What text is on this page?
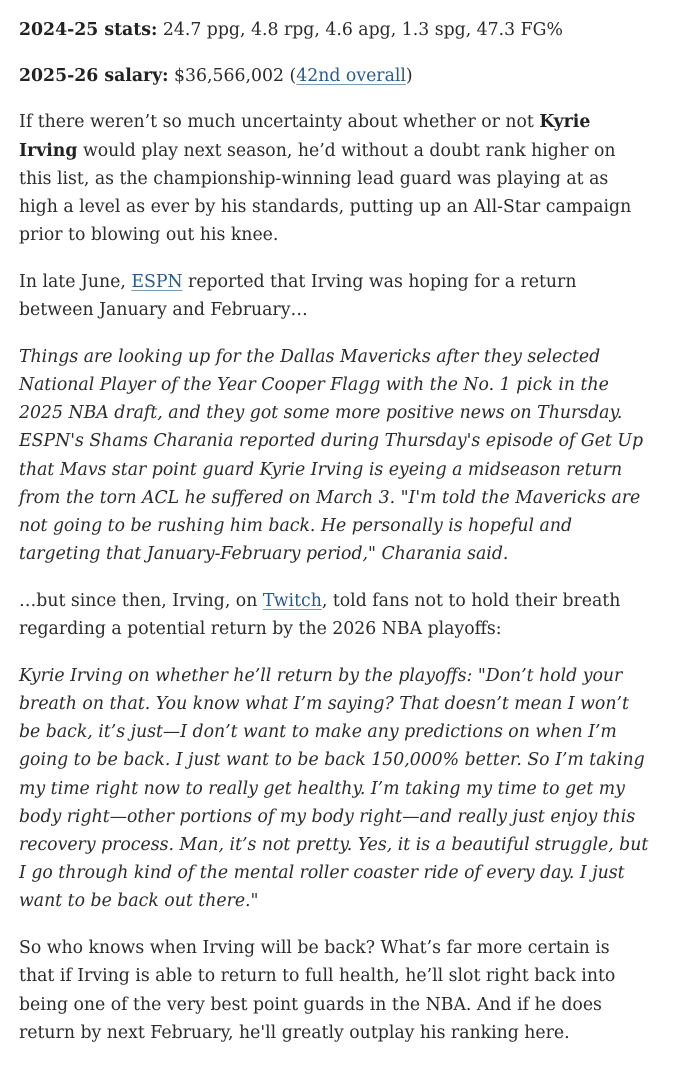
2024-25 stats: 24.7 ppg, 4.8 rpg, 4.6 apg, 1.3 spg, 47.3 FG%

2025-26 salary: $36,566,002 (42nd overall)

If there weren’t so much uncertainty about whether or not Kyrie Irving would play next season, he’d without a doubt rank higher on this list, as the championship-winning lead guard was playing at as high a level as ever by his standards, putting up an All-Star campaign prior to blowing out his knee.

In late June, ESPN reported that Irving was hoping for a return between January and February…

Things are looking up for the Dallas Mavericks after they selected National Player of the Year Cooper Flagg with the No. 1 pick in the 2025 NBA draft, and they got some more positive news on Thursday. ESPN's Shams Charania reported during Thursday's episode of Get Up that Mavs star point guard Kyrie Irving is eyeing a midseason return from the torn ACL he suffered on March 3. "I'm told the Mavericks are not going to be rushing him back. He personally is hopeful and targeting that January-February period," Charania said.

…but since then, Irving, on Twitch, told fans not to hold their breath regarding a potential return by the 2026 NBA playoffs:

Kyrie Irving on whether he’ll return by the playoffs: "Don’t hold your breath on that. You know what I’m saying? That doesn’t mean I won’t be back, it’s just—I don’t want to make any predictions on when I’m going to be back. I just want to be back 150,000% better. So I’m taking my time right now to really get healthy. I’m taking my time to get my body right—other portions of my body right—and really just enjoy this recovery process. Man, it’s not pretty. Yes, it is a beautiful struggle, but I go through kind of the mental roller coaster ride of every day. I just want to be back out there."

So who knows when Irving will be back? What’s far more certain is that if Irving is able to return to full health, he’ll slot right back into being one of the very best point guards in the NBA. And if he does return by next February, he'll greatly outplay his ranking here.
